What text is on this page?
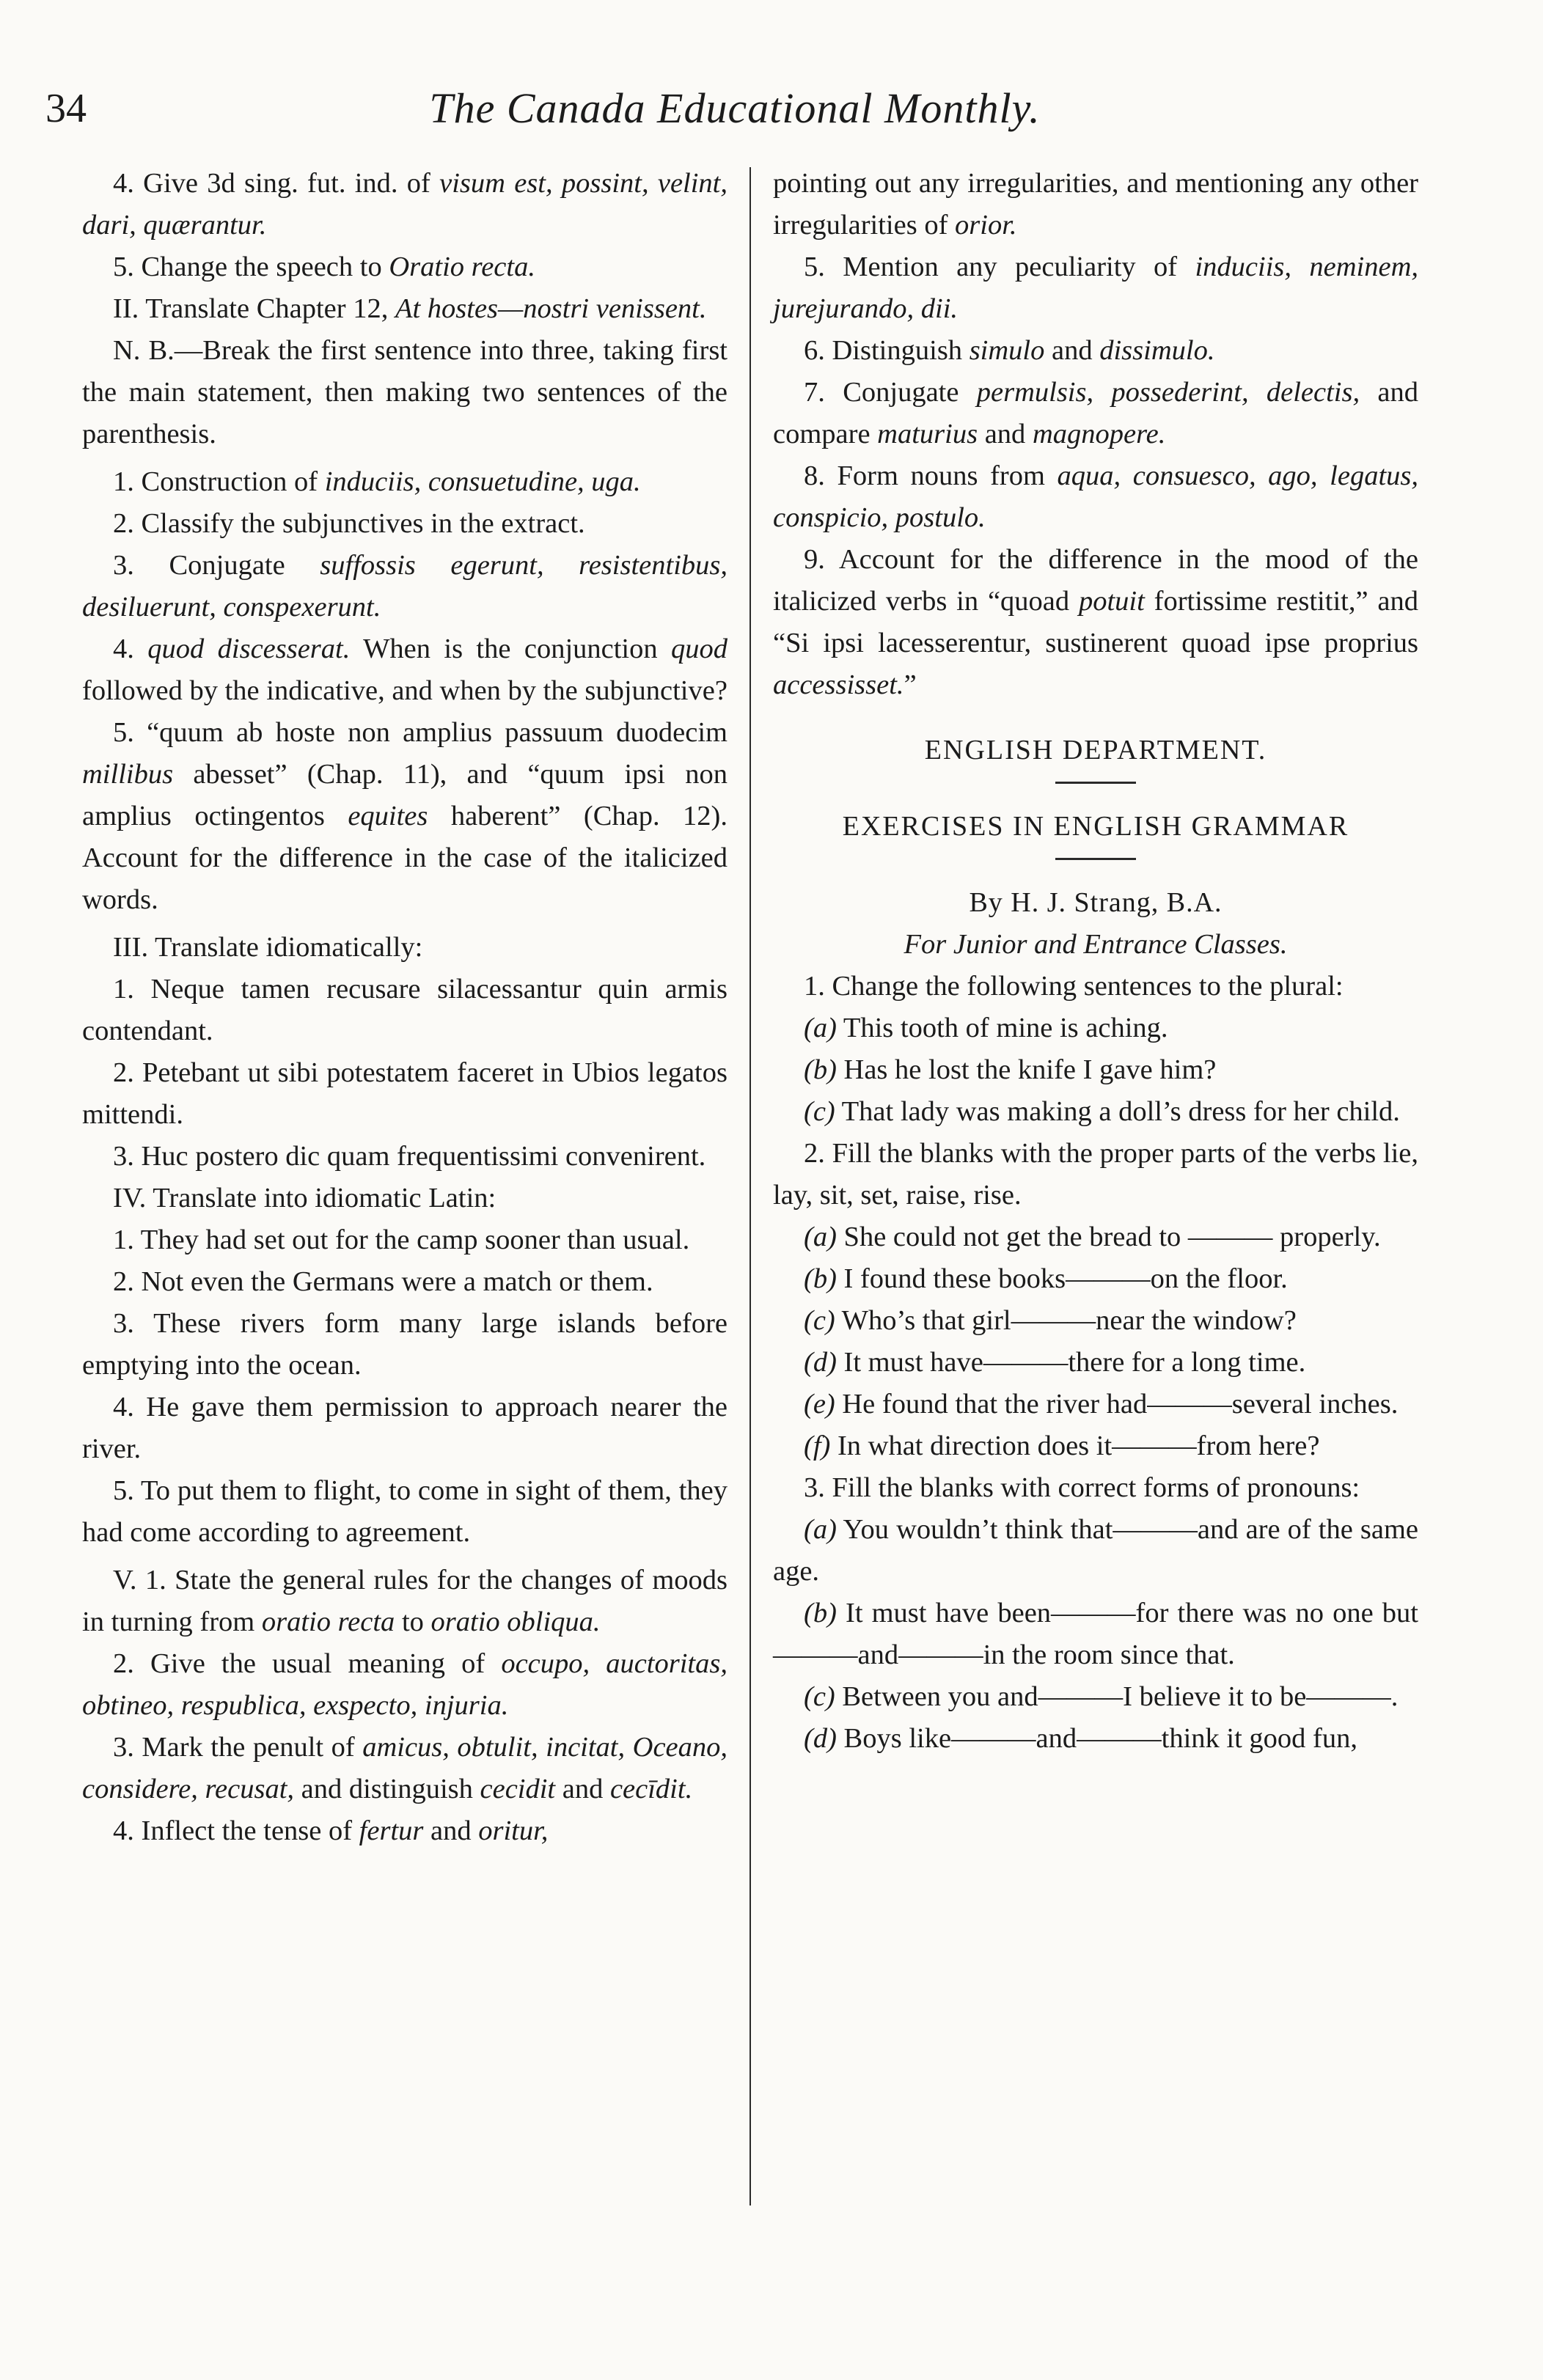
34	The Canada Educational Monthly.

4. Give 3d sing. fut. ind. of visum est, possint, velint, dari, quærantur.

5. Change the speech to Oratio recta.

II. Translate Chapter 12, At hostes—nostri venissent.

N. B.—Break the first sentence into three, taking first the main statement, then making two sentences of the parenthesis.

1. Construction of induciis, consuetudine, uga.

2. Classify the subjunctives in the extract.

3. Conjugate suffossis egerunt, resistentibus, desiluerunt, conspexerunt.

4. quod discesserat. When is the conjunction quod followed by the indicative, and when by the subjunctive?

5. “quum ab hoste non amplius passuum duodecim millibus abesset” (Chap. 11), and “quum ipsi non amplius octingentos equites haberent” (Chap. 12). Account for the difference in the case of the italicized words.

III. Translate idiomatically:

1. Neque tamen recusare silacessantur quin armis contendant.

2. Petebant ut sibi potestatem faceret in Ubios legatos mittendi.

3. Huc postero dic quam frequentissimi convenirent.

IV. Translate into idiomatic Latin:

1. They had set out for the camp sooner than usual.

2. Not even the Germans were a match or them.

3. These rivers form many large islands before emptying into the ocean.

4. He gave them permission to approach nearer the river.

5. To put them to flight, to come in sight of them, they had come according to agreement.

V. 1. State the general rules for the changes of moods in turning from oratio recta to oratio obliqua.

2. Give the usual meaning of occupo, auctoritas, obtineo, respublica, exspecto, injuria.

3. Mark the penult of amicus, obtulit, incitat, Oceano, considere, recusat, and distinguish cecidit and cecīdit.

4. Inflect the tense of fertur and oritur,

pointing out any irregularities, and mentioning any other irregularities of orior.

5. Mention any peculiarity of induciis, neminem, jurejurando, dii.

6. Distinguish simulo and dissimulo.

7. Conjugate permulsis, possederint, delectis, and compare maturius and magnopere.

8. Form nouns from aqua, consuesco, ago, legatus, conspicio, postulo.

9. Account for the difference in the mood of the italicized verbs in “quoad potuit fortissime restitit,” and “Si ipsi lacesserentur, sustinerent quoad ipse proprius accessisset.”

ENGLISH DEPARTMENT.

EXERCISES IN ENGLISH GRAMMAR

By H. J. Strang, B.A.

For Junior and Entrance Classes.

1. Change the following sentences to the plural:

(a) This tooth of mine is aching.

(b) Has he lost the knife I gave him?

(c) That lady was making a doll’s dress for her child.

2. Fill the blanks with the proper parts of the verbs lie, lay, sit, set, raise, rise.

(a) She could not get the bread to ——— properly.

(b) I found these books———on the floor.

(c) Who’s that girl———near the window?

(d) It must have———there for a long time.

(e) He found that the river had———several inches.

(f) In what direction does it———from here?

3. Fill the blanks with correct forms of pronouns:

(a) You wouldn’t think that———and are of the same age.

(b) It must have been———for there was no one but———and———in the room since that.

(c) Between you and———I believe it to be———.

(d) Boys like———and———think it good fun,
